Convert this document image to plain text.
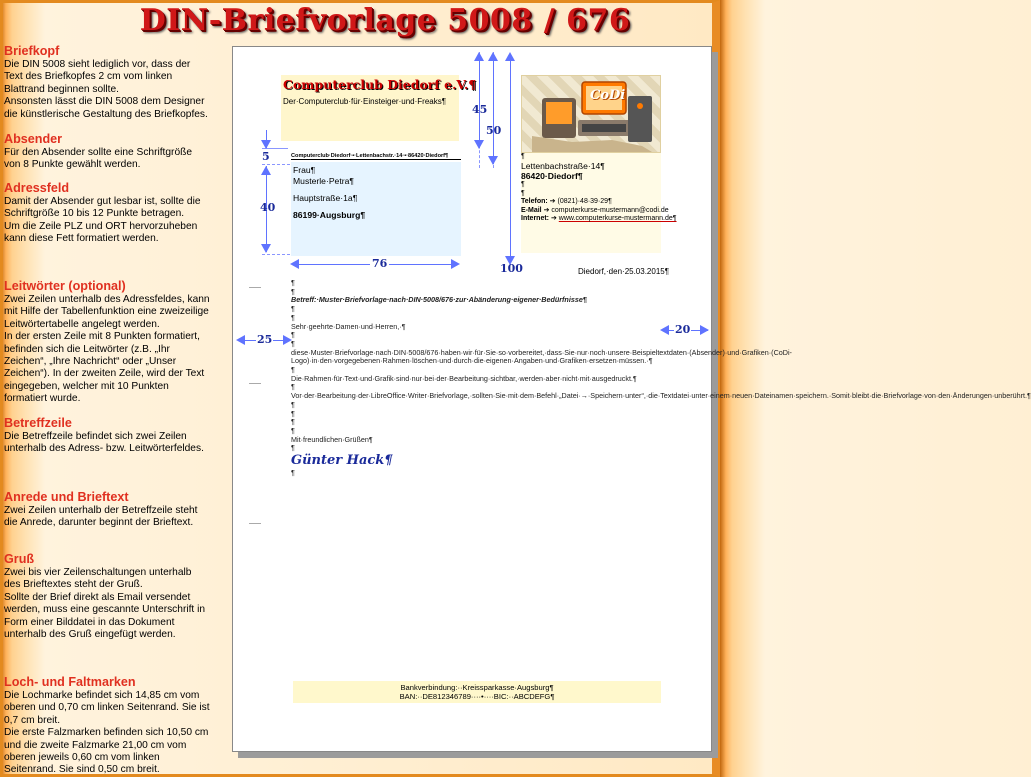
DIN-Briefvorlage 5008 / 676
Briefkopf

Die DIN 5008 sieht lediglich vor, dass der
Text des Briefkopfes 2 cm vom linken
Blattrand beginnen sollte.
Ansonsten lässt die DIN 5008 dem Designer
die künstlerische Gestaltung des Briefkopfes.

Absender

Für den Absender sollte eine Schriftgröße
von 8 Punkte gewählt werden.

Adressfeld

Damit der Absender gut lesbar ist, sollte die
Schriftgröße 10 bis 12 Punkte betragen.
Um die Zeile PLZ und ORT hervorzuheben
kann diese Fett formatiert werden.

Leitwörter (optional)

Zwei Zeilen unterhalb des Adressfeldes, kann
mit Hilfe der Tabellenfunktion eine zweizeilige
Leitwörtertabelle angelegt werden.
In der ersten Zeile mit 8 Punkten formatiert,
befinden sich die Leitwörter (z.B. „Ihr
Zeichen“, „Ihre Nachricht“ oder „Unser
Zeichen“). In der zweiten Zeile, wird der Text
eingegeben, welcher mit 10 Punkten
formatiert wurde.

Betreffzeile

Die Betreffzeile befindet sich zwei Zeilen
unterhalb des Adress- bzw. Leitwörterfeldes.

Anrede und Brieftext

Zwei Zeilen unterhalb der Betreffzeile steht
die Anrede, darunter beginnt der Brieftext.

Gruß

Zwei bis vier Zeilenschaltungen unterhalb
des Brieftextes steht der Gruß.
Sollte der Brief direkt als Email versendet
werden, muss eine gescannte Unterschrift in
Form einer Bilddatei in das Dokument
unterhalb des Gruß eingefügt werden.

Loch- und Faltmarken

Die Lochmarke befindet sich 14,85 cm vom
oberen und 0,70 cm linken Seitenrand. Sie ist
0,7 cm breit.
Die erste Falzmarken befinden sich 10,50 cm
und die zweite Falzmarke 21,00 cm vom
oberen jeweils 0,60 cm vom linken
Seitenrand. Sie sind 0,50 cm breit.

Computerclub Diedorf e.V.¶
Der·Computerclub·für·Einsteiger·und·Freaks¶	CoDi
¶
Lettenbachstraße·14¶
86420·Diedorf¶
¶
¶
Telefon: ➔ (0821)·48·39·29¶
E-Mail ➔ computerkurse-mustermann@codi.de
Internet: ➔ www.computerkurse-mustermann.de¶
Computerclub·Diedorf·•·Lettenbachstr.·14·•·86420·Diedorf¶
Frau¶
Musterle·Petra¶
Hauptstraße·1a¶
86199·Augsburg¶
Diedorf,·den·25.03.2015¶
¶
¶
Betreff:·Muster·Briefvorlage·nach·DIN·5008/676·zur·Abänderung·eigener·Bedürfnisse¶
¶
¶
Sehr·geehrte·Damen·und·Herren,·¶
¶
¶
diese·Muster·Briefvorlage·nach·DIN·5008/676·haben·wir·für·Sie·so·vorbereitet,·dass·Sie·nur·noch·unsere·Beispieltextdaten·(Absender)·und·Grafiken·(CoDi-Logo)·in·den·vorgegebenen·Rahmen·löschen·und·durch·die·eigenen·Angaben·und·Grafiken·ersetzen·müssen.·¶
¶
Die·Rahmen·für·Text·und·Grafik·sind·nur·bei·der·Bearbeitung·sichtbar,·werden·aber·nicht·mit·ausgedruckt.¶
¶
Vor·der·Bearbeitung·der·LibreOffice·Writer·Briefvorlage,·sollten·Sie·mit·dem·Befehl·„Datei·→·Speichern·unter“,·die·Textdatei·unter·einem·neuen·Dateinamen·speichern.·Somit·bleibt·die·Briefvorlage·von·den·Änderungen·unberührt.¶
¶
¶
¶
¶
Mit·freundlichen·Grüßen¶
¶
Günter Hack¶
¶
Bankverbindung:··Kreissparkasse·Augsburg¶
BAN:··DE812346789····•····BIC:··ABCDEFG¶
45
50
100
5
40
76
25
20
